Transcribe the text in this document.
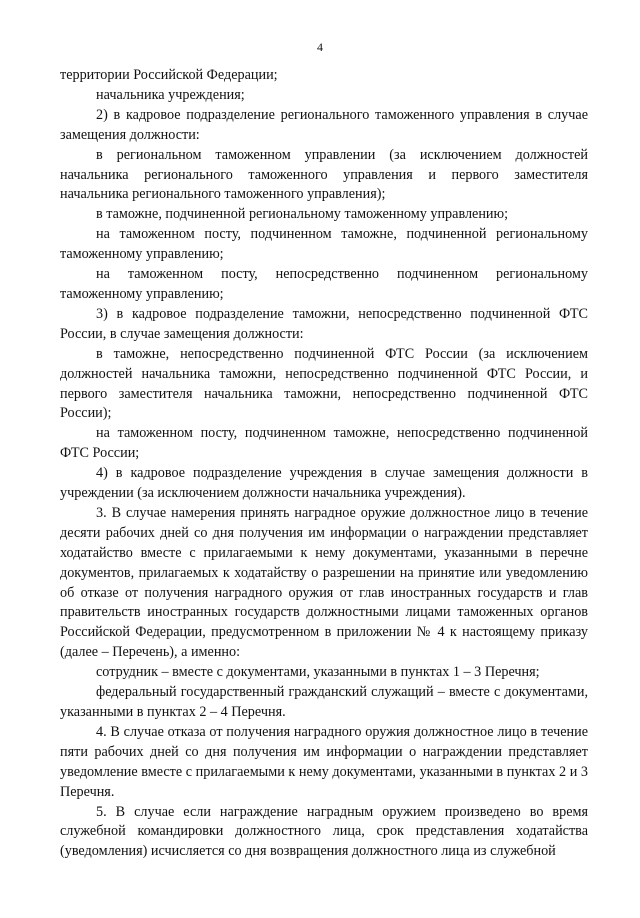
4

территории Российской Федерации;

начальника учреждения;

2) в кадровое подразделение регионального таможенного управления в случае замещения должности:

в региональном таможенном управлении (за исключением должностей начальника регионального таможенного управления и первого заместителя начальника регионального таможенного управления);

в таможне, подчиненной региональному таможенному управлению;

на таможенном посту, подчиненном таможне, подчиненной региональному таможенному управлению;

на таможенном посту, непосредственно подчиненном региональному таможенному управлению;

3) в кадровое подразделение таможни, непосредственно подчиненной ФТС России, в случае замещения должности:

в таможне, непосредственно подчиненной ФТС России (за исключением должностей начальника таможни, непосредственно подчиненной ФТС России, и первого заместителя начальника таможни, непосредственно подчиненной ФТС России);

на таможенном посту, подчиненном таможне, непосредственно подчиненной ФТС России;

4) в кадровое подразделение учреждения в случае замещения должности в учреждении (за исключением должности начальника учреждения).

3. В случае намерения принять наградное оружие должностное лицо в течение десяти рабочих дней со дня получения им информации о награждении представляет ходатайство вместе с прилагаемыми к нему документами, указанными в перечне документов, прилагаемых к ходатайству о разрешении на принятие или уведомлению об отказе от получения наградного оружия от глав иностранных государств и глав правительств иностранных государств должностными лицами таможенных органов Российской Федерации, предусмотренном в приложении № 4 к настоящему приказу (далее – Перечень), а именно:

сотрудник – вместе с документами, указанными в пунктах 1 – 3 Перечня;

федеральный государственный гражданский служащий – вместе с документами, указанными в пунктах 2 – 4 Перечня.

4. В случае отказа от получения наградного оружия должностное лицо в течение пяти рабочих дней со дня получения им информации о награждении представляет уведомление вместе с прилагаемыми к нему документами, указанными в пунктах 2 и 3 Перечня.

5. В случае если награждение наградным оружием произведено во время служебной командировки должностного лица, срок представления ходатайства (уведомления) исчисляется со дня возвращения должностного лица из служебной
